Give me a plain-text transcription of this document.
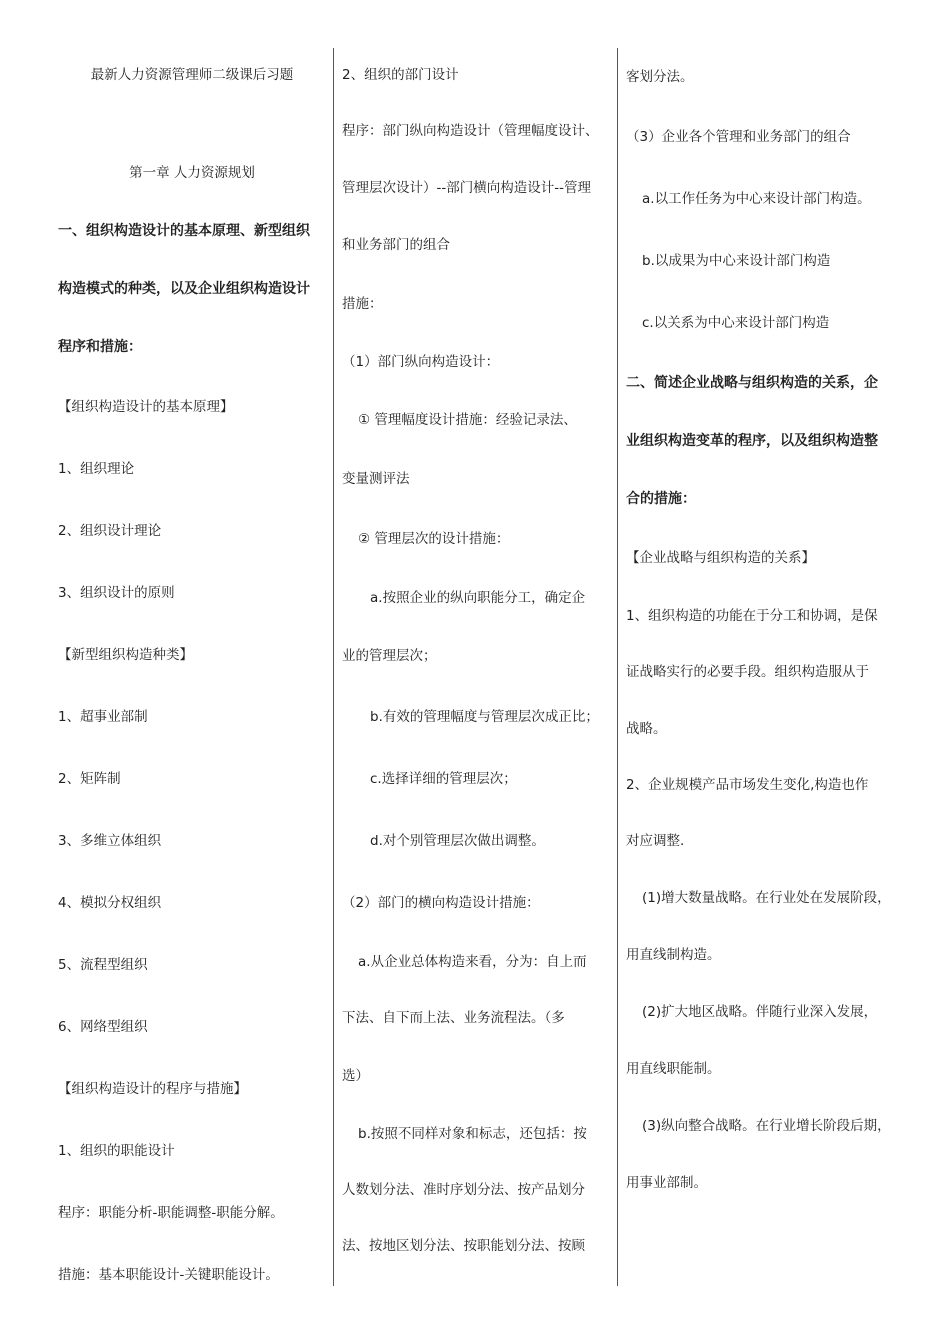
最新人力资源管理师二级课后习题
第一章 人力资源规划
一、组织构造设计的基本原理、新型组织
构造模式的种类，以及企业组织构造设计
程序和措施：
【组织构造设计的基本原理】
1、组织理论
2、组织设计理论
3、组织设计的原则
【新型组织构造种类】
1、超事业部制
2、矩阵制
3、多维立体组织
4、模拟分权组织
5、流程型组织
6、网络型组织
【组织构造设计的程序与措施】
1、组织的职能设计
程序：职能分析-职能调整-职能分解。
措施：基本职能设计-关键职能设计。
2、组织的部门设计
程序：部门纵向构造设计（管理幅度设计、
管理层次设计）--部门横向构造设计--管理
和业务部门的组合
措施：
（1）部门纵向构造设计：
① 管理幅度设计措施：经验记录法、
变量测评法
② 管理层次的设计措施：
a.按照企业的纵向职能分工，确定企
业的管理层次；
b.有效的管理幅度与管理层次成正比；
c.选择详细的管理层次；
d.对个别管理层次做出调整。
（2）部门的横向构造设计措施：
a.从企业总体构造来看，分为：自上而
下法、自下而上法、业务流程法。（多
选）
b.按照不同样对象和标志，还包括：按
人数划分法、准时序划分法、按产品划分
法、按地区划分法、按职能划分法、按顾
客划分法。
（3）企业各个管理和业务部门的组合
a.以工作任务为中心来设计部门构造。
b.以成果为中心来设计部门构造
c.以关系为中心来设计部门构造
二、简述企业战略与组织构造的关系，企
业组织构造变革的程序，以及组织构造整
合的措施：
【企业战略与组织构造的关系】
1、组织构造的功能在于分工和协调，是保
证战略实行的必要手段。组织构造服从于
战略。
2、企业规模产品市场发生变化,构造也作
对应调整.
(1)增大数量战略。在行业处在发展阶段，
用直线制构造。
(2)扩大地区战略。伴随行业深入发展，
用直线职能制。
(3)纵向整合战略。在行业增长阶段后期，
用事业部制。
